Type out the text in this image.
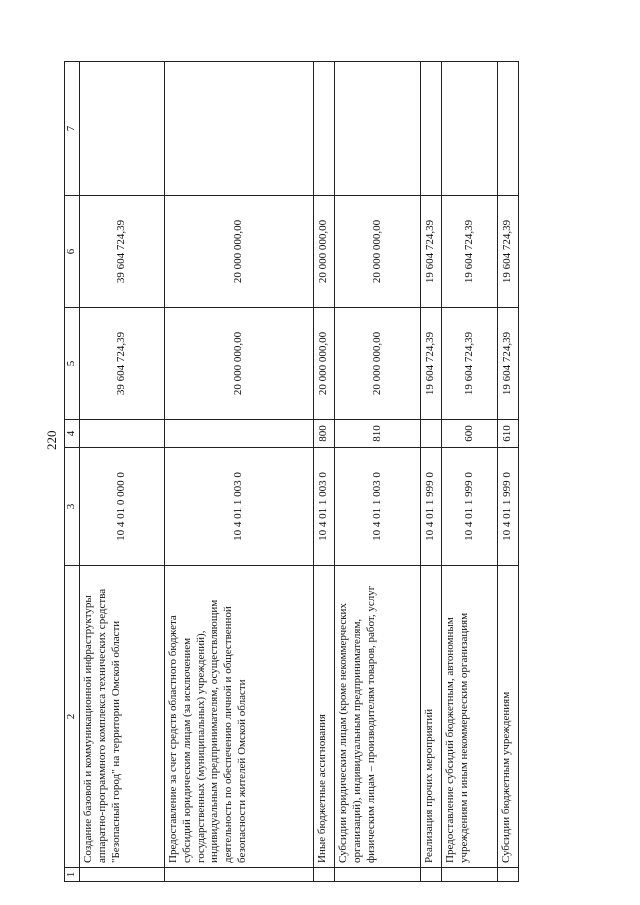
220
1	2	3	4	5	6	7
	Создание базовой и коммуникационной инфраструктуры аппаратно-программного комплекса технических средства "Безопасный город" на территории Омской области	10 4 01 0 000 0		39 604 724,39	39 604 724,39	
	Предоставление за счет средств областного бюджета субсидий юридическим лицам (за исключением государственных (муниципальных) учреждений), индивидуальным предпринимателям, осуществляющим деятельность по обеспечению личной и общественной безопасности жителей Омской области	10 4 01 1 003 0		20 000 000,00	20 000 000,00	
	Иные бюджетные ассигнования	10 4 01 1 003 0	800	20 000 000,00	20 000 000,00	
	Субсидии юридическим лицам (кроме некоммерческих организаций), индивидуальным предпринимателям, физическим лицам – производителям товаров, работ, услуг	10 4 01 1 003 0	810	20 000 000,00	20 000 000,00	
	Реализация прочих мероприятий	10 4 01 1 999 0		19 604 724,39	19 604 724,39	
	Предоставление субсидий бюджетным, автономным учреждениям и иным некоммерческим организациям	10 4 01 1 999 0	600	19 604 724,39	19 604 724,39	
	Субсидии бюджетным учреждениям	10 4 01 1 999 0	610	19 604 724,39	19 604 724,39	
